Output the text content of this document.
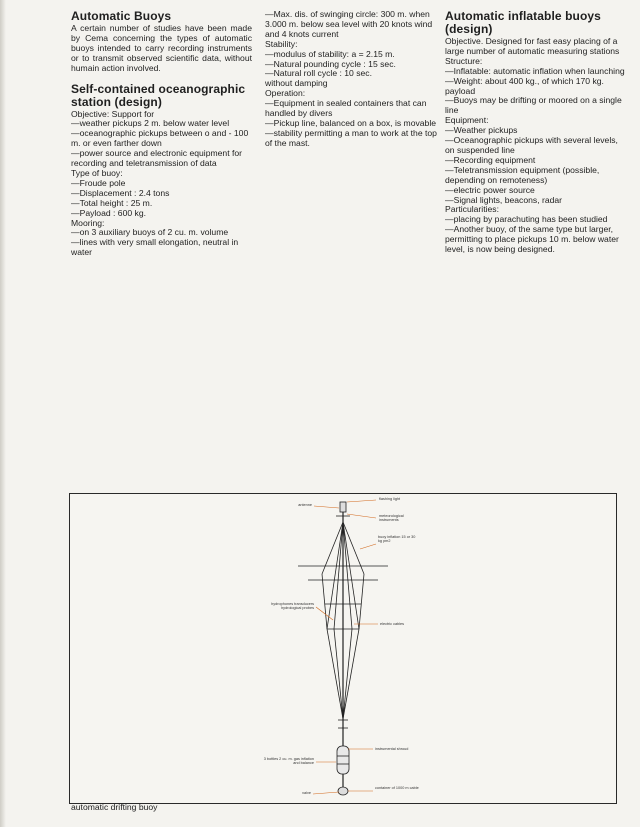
Automatic Buoys

A certain number of studies have been made by Cema concerning the types of automatic buoys intended to carry recording instruments or to transmit observed scientific data, without humain action involved.

Self-contained oceanographic station (design)
Objective: Support for
—weather pickups 2 m. below water level
—oceanographic pickups between o and - 100 m. or even farther down
—power source and electronic equipment for recording and teletransmission of data
Type of buoy:
—Froude pole
—Displacement : 2.4 tons
—Total height : 25 m.
—Payload : 600 kg.
Mooring:
—on 3 auxiliary buoys of 2 cu. m. volume
—lines with very small elongation, neutral in water
—Max. dis. of swinging circle: 300 m. when 3.000 m. below sea level with 20 knots wind and 4 knots current
Stability:
—modulus of stability: a = 2.15 m.
—Natural pounding cycle : 15 sec.
—Natural roll cycle : 10 sec.
without damping
Operation:
—Equipment in sealed containers that can handled by divers
—Pickup line, balanced on a box, is movable
—stability permitting a man to work at the top of the mast.
Automatic inflatable buoys (design)
Objective. Designed for fast easy placing of a large number of automatic measuring stations
Structure:
—Inflatable: automatic inflation when launching
—Weight: about 400 kg., of which 170 kg. payload
—Buoys may be drifting or moored on a single line
Equipment:
—Weather pickups
—Oceanographic pickups with several levels, on suspended line
—Recording equipment
—Teletransmission equipment (possible, depending on remoteness)
—electric power source
—Signal lights, beacons, radar
Particularities:
—placing by parachuting has been studied
—Another buoy, of the same type but larger, permitting to place pickups 10 m. below water level, is now being designed.
antenne
flashing light
meteorological instruments
buoy inflation 15 or 30 kg pm2
hydrophones transducers hydrological probes
electric cables
instrumental shroud
3 bottles 2 cu. m. gas inflation and balance
valve
container of 1000 m cable
automatic drifting buoy
